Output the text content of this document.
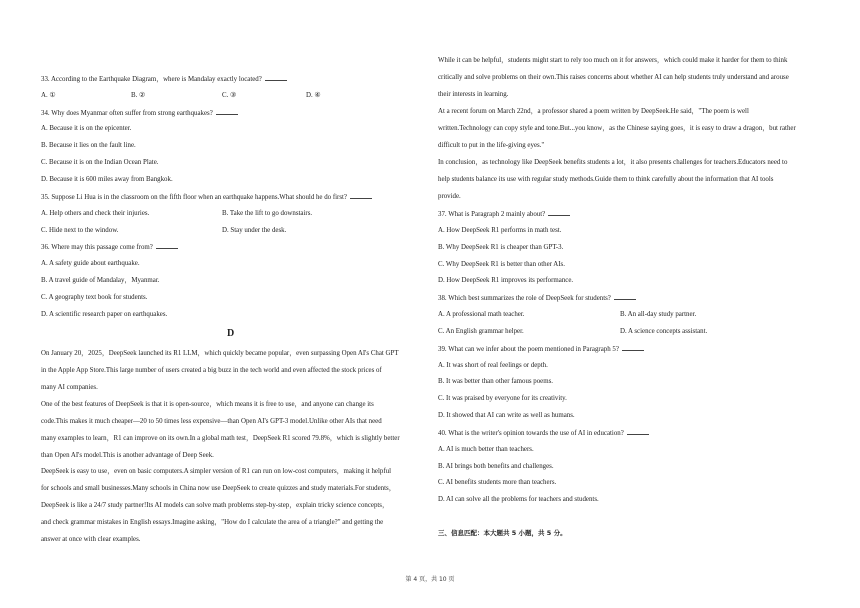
33. According to the Earthquake Diagram，where is Mandalay exactly located?
A. ①	B. ②	C. ③	D. ④
34. Why does Myanmar often suffer from strong earthquakes?
A. Because it is on the epicenter.
B. Because it lies on the fault line.
C. Because it is on the Indian Ocean Plate.
D. Because it is 600 miles away from Bangkok.
35. Suppose Li Hua is in the classroom on the fifth floor when an earthquake happens.What should he do first?
A. Help others and check their injuries.	B. Take the lift to go downstairs.
C. Hide next to the window.	D. Stay under the desk.
36. Where may this passage come from?
A. A safety guide about earthquake.
B. A travel guide of Mandalay，Myanmar.
C. A geography text book for students.
D. A scientific research paper on earthquakes.
D
On January 20，2025，DeepSeek launched its R1 LLM，which quickly became popular，even surpassing Open AI's Chat GPT
in the Apple App Store.This large number of users created a big buzz in the tech world and even affected the stock prices of
many AI companies.
One of the best features of DeepSeek is that it is open-source，which means it is free to use，and anyone can change its
code.This makes it much cheaper—20 to 50 times less expensive—than Open AI's GPT-3 model.Unlike other AIs that need
many examples to learn，R1 can improve on its own.In a global math test，DeepSeek R1 scored 79.8%，which is slightly better
than Open AI's model.This is another advantage of Deep Seek.
DeepSeek is easy to use，even on basic computers.A simpler version of R1 can run on low-cost computers，making it helpful
for schools and small businesses.Many schools in China now use DeepSeek to create quizzes and study materials.For students，
DeepSeek is like a 24/7 study partner!Its AI models can solve math problems step-by-step，explain tricky science concepts，
and check grammar mistakes in English essays.Imagine asking，"How do I calculate the area of a triangle?" and getting the
answer at once with clear examples.
While it can be helpful，students might start to rely too much on it for answers，which could make it harder for them to think
critically and solve problems on their own.This raises concerns about whether AI can help students truly understand and arouse
their interests in learning.
At a recent forum on March 22nd，a professor shared a poem written by DeepSeek.He said，"The poem is well
written.Technology can copy style and tone.But...you know，as the Chinese saying goes，it is easy to draw a dragon，but rather
difficult to put in the life-giving eyes."
In conclusion，as technology like DeepSeek benefits students a lot，it also presents challenges for teachers.Educators need to
help students balance its use with regular study methods.Guide them to think carefully about the information that AI tools
provide.
37. What is Paragraph 2 mainly about?
A. How DeepSeek R1 performs in math test.
B. Why DeepSeek R1 is cheaper than GPT-3.
C. Why DeepSeek R1 is better than other AIs.
D. How DeepSeek R1 improves its performance.
38. Which best summarizes the role of DeepSeek for students?
A. A professional math teacher.	B. An all-day study partner.
C. An English grammar helper.	D. A science concepts assistant.
39. What can we infer about the poem mentioned in Paragraph 5?
A. It was short of real feelings or depth.
B. It was better than other famous poems.
C. It was praised by everyone for its creativity.
D. It showed that AI can write as well as humans.
40. What is the writer's opinion towards the use of AI in education?
A. AI is much better than teachers.
B. AI brings both benefits and challenges.
C. AI benefits students more than teachers.
D. AI can solve all the problems for teachers and students.
三、信息匹配：本大题共 5 小题，共 5 分。
第 4 页，共 10 页
